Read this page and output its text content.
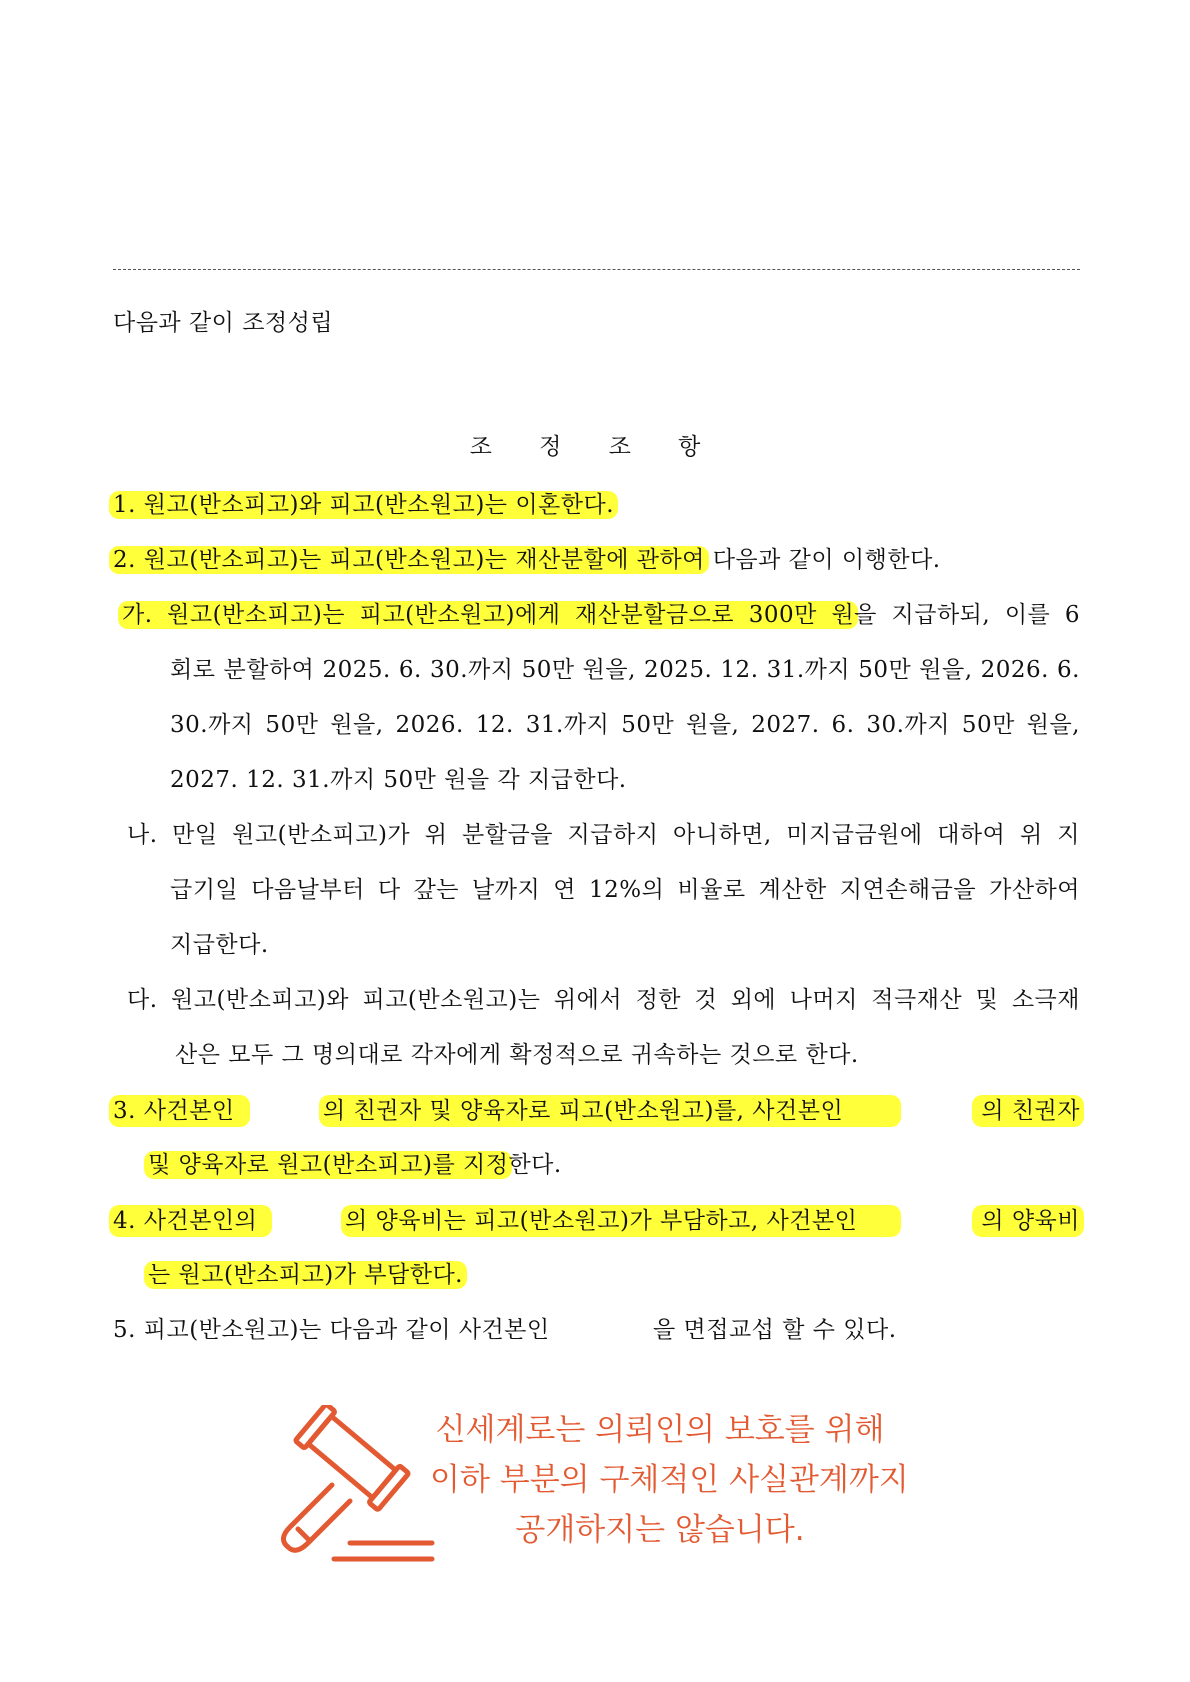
다음과 같이 조정성립
조 정 조 항
1. 원고(반소피고)와 피고(반소원고)는 이혼한다.
2. 원고(반소피고)는 피고(반소원고)는 재산분할에 관하여 다음과 같이 이행한다.
가. 원고(반소피고)는 피고(반소원고)에게 재산분할금으로 300만 원을 지급하되, 이를 6
회로 분할하여 2025. 6. 30.까지 50만 원을, 2025. 12. 31.까지 50만 원을, 2026. 6.
30.까지 50만 원을, 2026. 12. 31.까지 50만 원을, 2027. 6. 30.까지 50만 원을,
2027. 12. 31.까지 50만 원을 각 지급한다.
나. 만일 원고(반소피고)가 위 분할금을 지급하지 아니하면, 미지급금원에 대하여 위 지
급기일 다음날부터 다 갚는 날까지 연 12%의 비율로 계산한 지연손해금을 가산하여
지급한다.
다. 원고(반소피고)와 피고(반소원고)는 위에서 정한 것 외에 나머지 적극재산 및 소극재
산은 모두 그 명의대로 각자에게 확정적으로 귀속하는 것으로 한다.
3. 사건본인	의 친권자 및 양육자로 피고(반소원고)를, 사건본인	의 친권자
및 양육자로 원고(반소피고)를 지정한다.
4. 사건본인의	의 양육비는 피고(반소원고)가 부담하고, 사건본인	의 양육비
는 원고(반소피고)가 부담한다.
5. 피고(반소원고)는 다음과 같이 사건본인	을 면접교섭 할 수 있다.
신세계로는 의뢰인의 보호를 위해
이하 부분의 구체적인 사실관계까지
공개하지는 않습니다.
